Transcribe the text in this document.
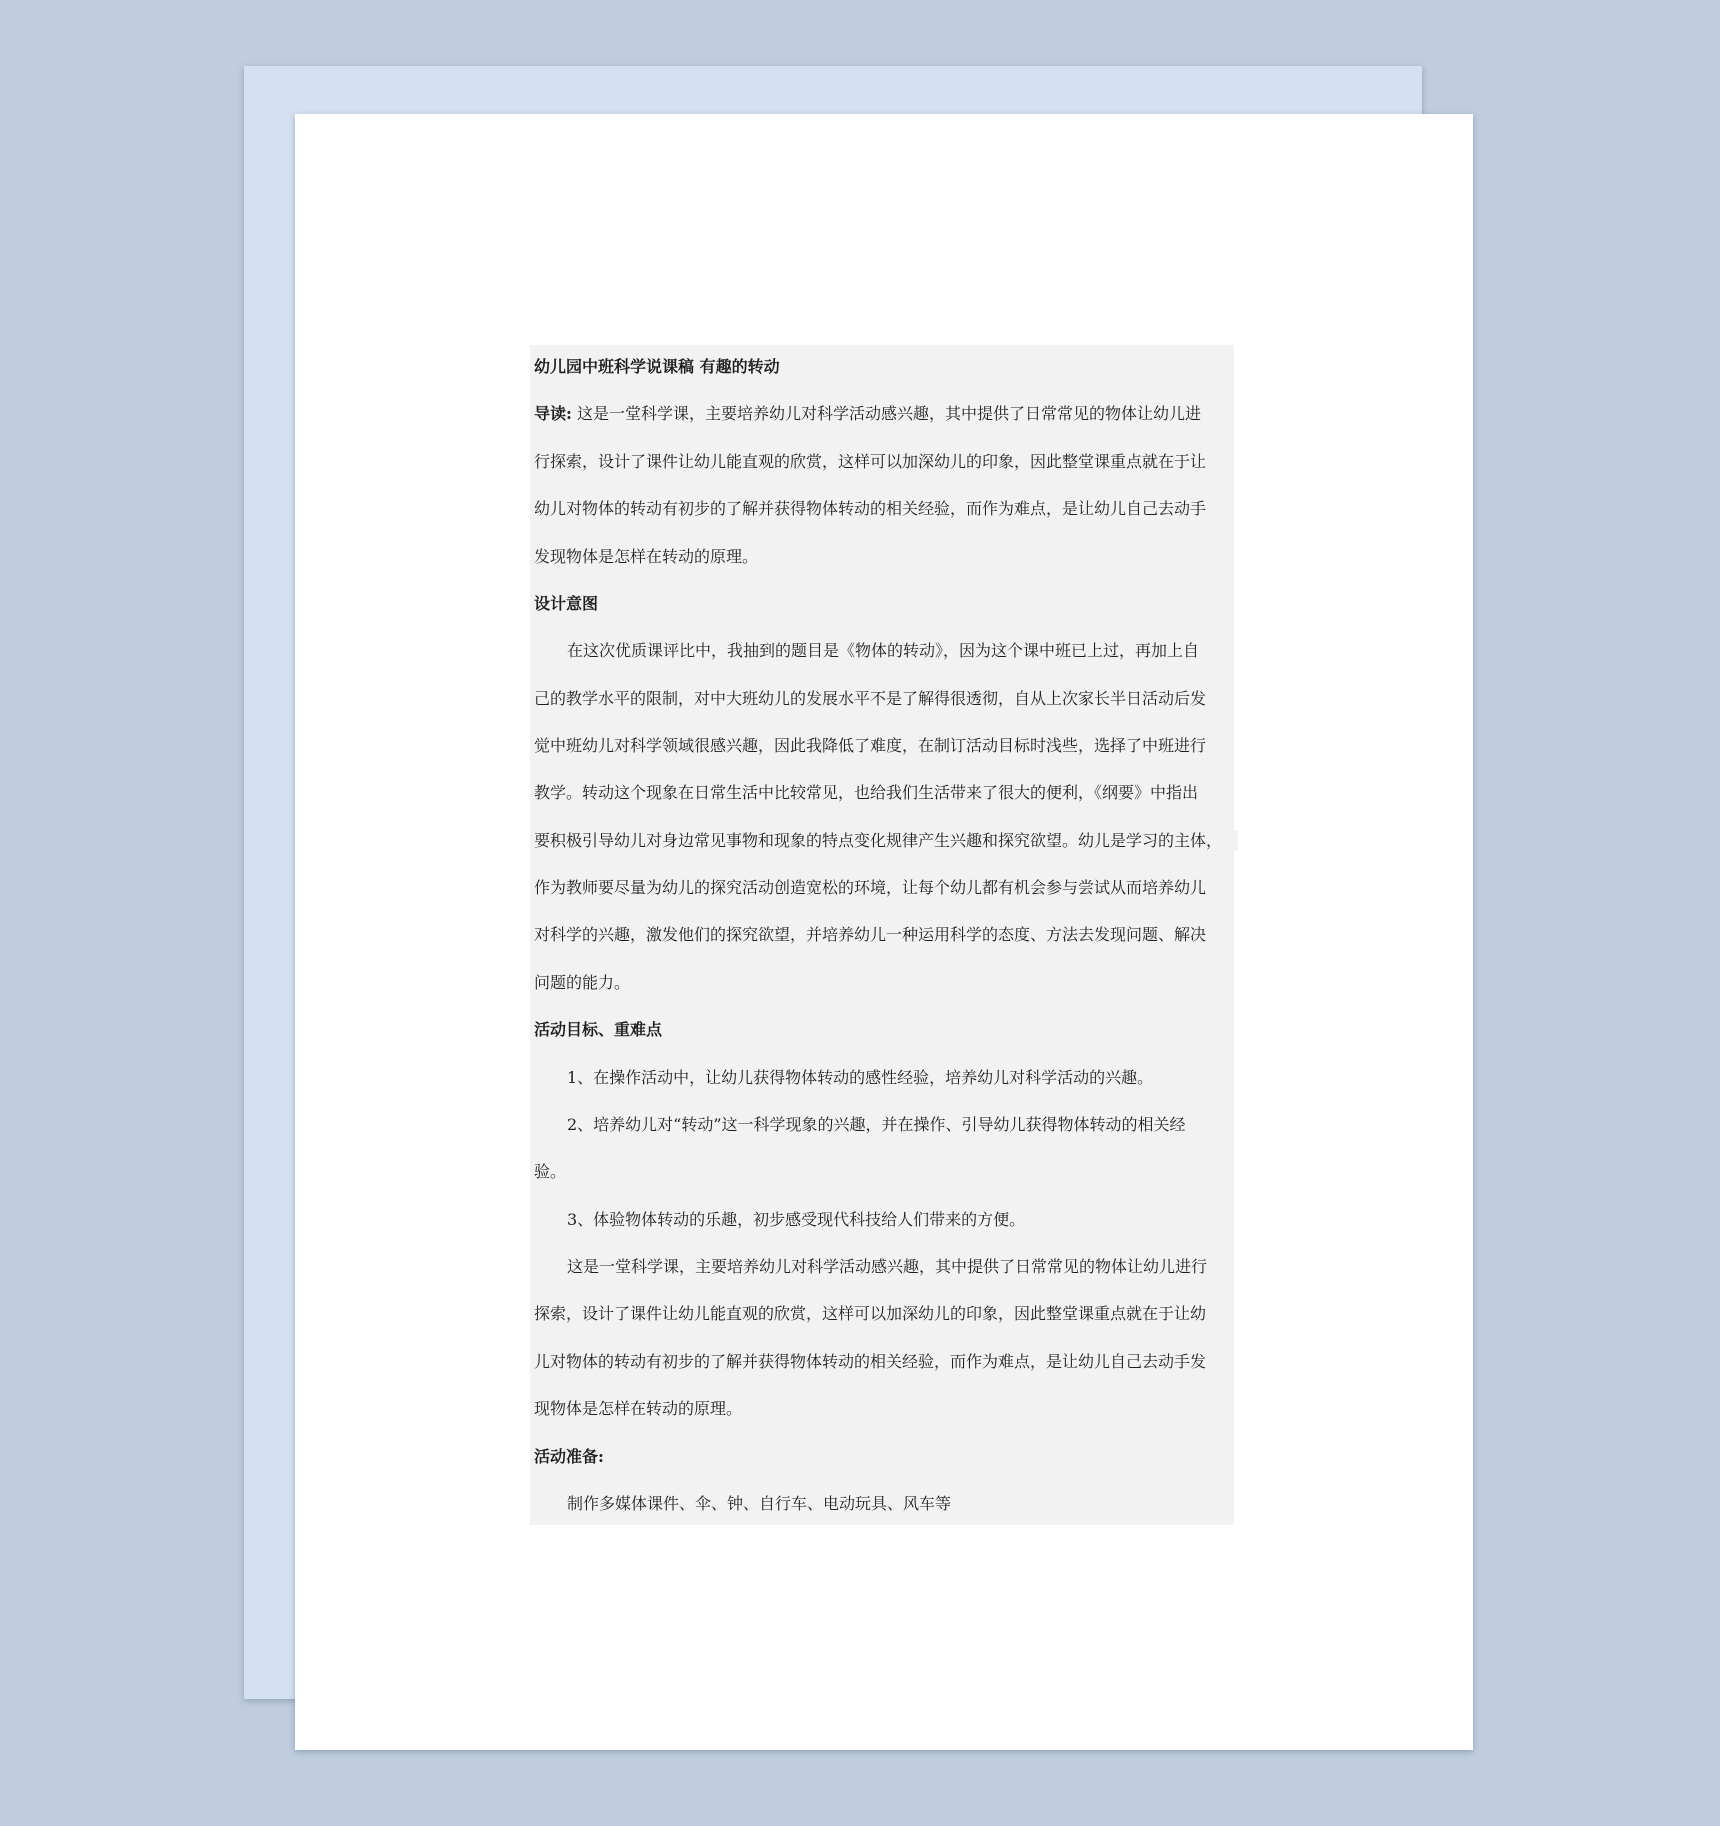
幼儿园中班科学说课稿 有趣的转动
导读: 这是一堂科学课，主要培养幼儿对科学活动感兴趣，其中提供了日常常见的物体让幼儿进
行探索，设计了课件让幼儿能直观的欣赏，这样可以加深幼儿的印象，因此整堂课重点就在于让
幼儿对物体的转动有初步的了解并获得物体转动的相关经验，而作为难点，是让幼儿自己去动手
发现物体是怎样在转动的原理。
设计意图
在这次优质课评比中，我抽到的题目是《物体的转动》，因为这个课中班已上过，再加上自
己的教学水平的限制，对中大班幼儿的发展水平不是了解得很透彻，自从上次家长半日活动后发
觉中班幼儿对科学领域很感兴趣，因此我降低了难度，在制订活动目标时浅些，选择了中班进行
教学。转动这个现象在日常生活中比较常见，也给我们生活带来了很大的便利，《纲要》中指出
要积极引导幼儿对身边常见事物和现象的特点变化规律产生兴趣和探究欲望。幼儿是学习的主体，
作为教师要尽量为幼儿的探究活动创造宽松的环境，让每个幼儿都有机会参与尝试从而培养幼儿
对科学的兴趣，激发他们的探究欲望，并培养幼儿一种运用科学的态度、方法去发现问题、解决
问题的能力。
活动目标、重难点
1、在操作活动中，让幼儿获得物体转动的感性经验，培养幼儿对科学活动的兴趣。
2、培养幼儿对“转动”这一科学现象的兴趣，并在操作、引导幼儿获得物体转动的相关经
验。
3、体验物体转动的乐趣，初步感受现代科技给人们带来的方便。
这是一堂科学课，主要培养幼儿对科学活动感兴趣，其中提供了日常常见的物体让幼儿进行
探索，设计了课件让幼儿能直观的欣赏，这样可以加深幼儿的印象，因此整堂课重点就在于让幼
儿对物体的转动有初步的了解并获得物体转动的相关经验，而作为难点，是让幼儿自己去动手发
现物体是怎样在转动的原理。
活动准备:
制作多媒体课件、伞、钟、自行车、电动玩具、风车等
